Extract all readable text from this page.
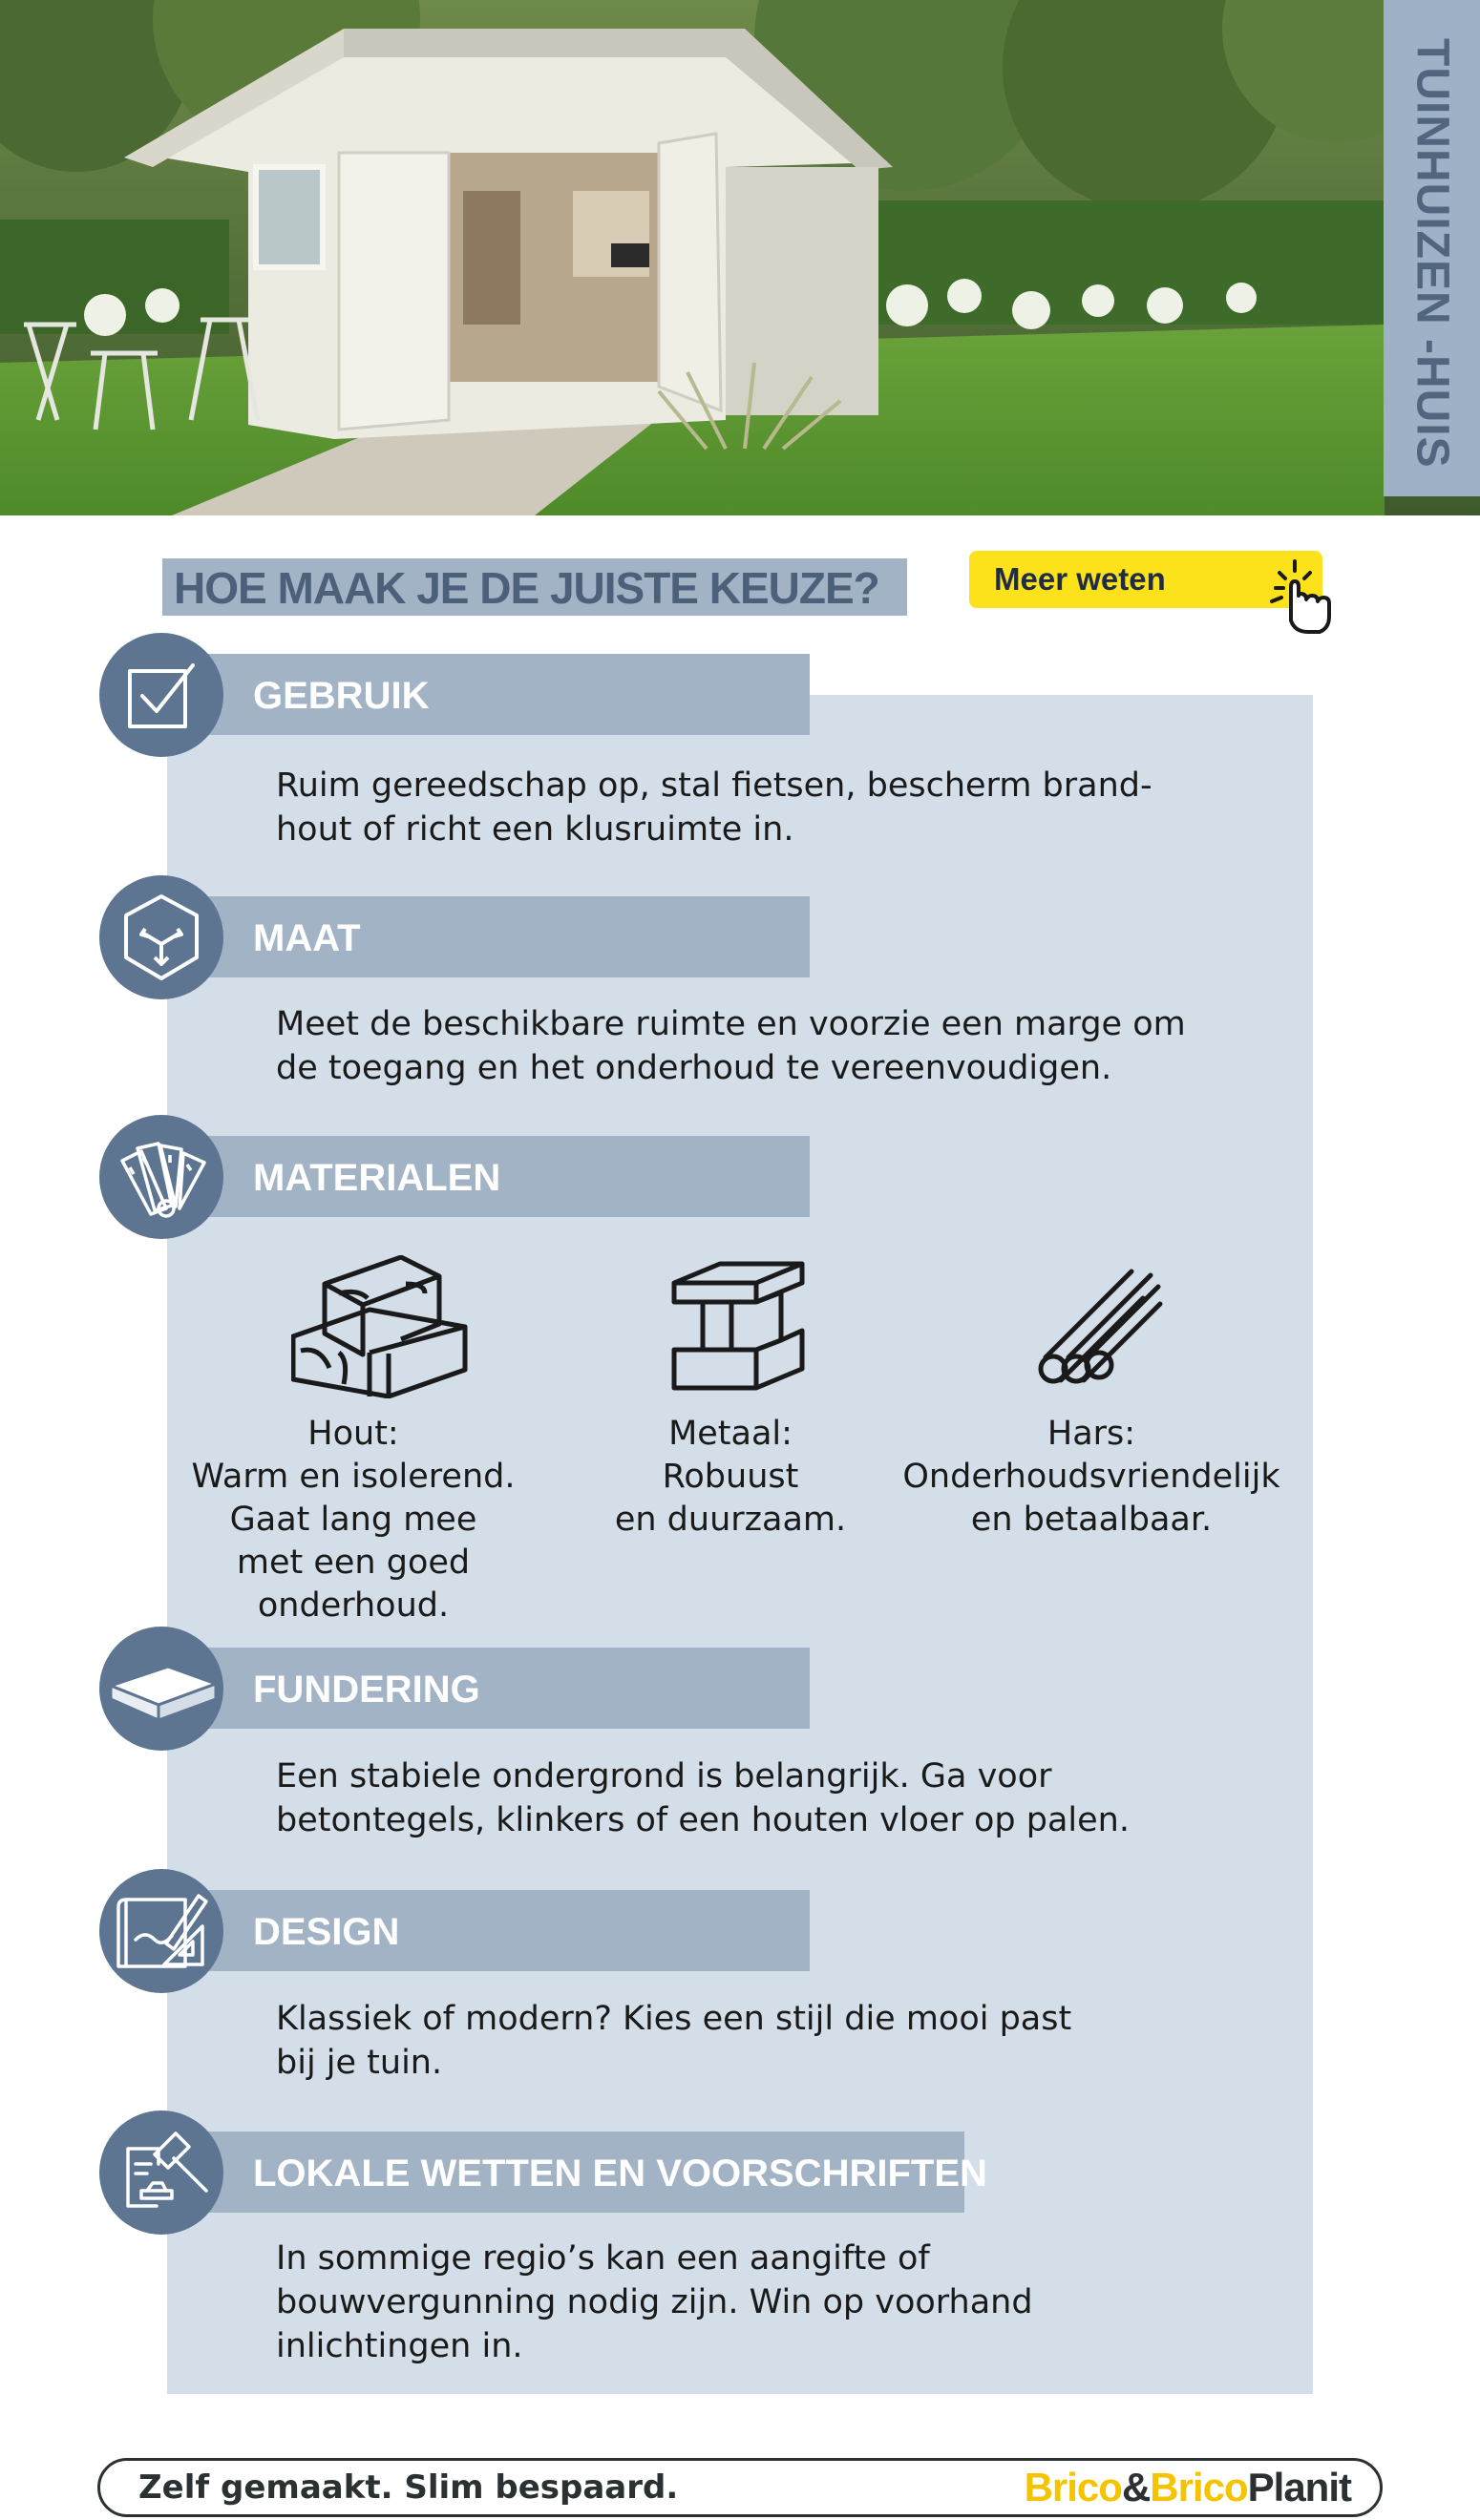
TUINHUIZEN -HUIS
HOE MAAK JE DE JUISTE KEUZE?	Meer weten
GEBRUIK
Ruim gereedschap op, stal fietsen, bescherm brand-
hout of richt een klusruimte in.
MAAT
Meet de beschikbare ruimte en voorzie een marge om
de toegang en het onderhoud te vereenvoudigen.
MATERIALEN
Hout:
Warm en isolerend.
Gaat lang mee
met een goed
onderhoud.
Metaal:
Robuust
en duurzaam.
Hars:
Onderhoudsvriendelijk
en betaalbaar.
FUNDERING
Een stabiele ondergrond is belangrijk. Ga voor
betontegels, klinkers of een houten vloer op palen.
DESIGN
Klassiek of modern? Kies een stijl die mooi past
bij je tuin.
LOKALE WETTEN EN VOORSCHRIFTEN
In sommige regio’s kan een aangifte of
bouwvergunning nodig zijn. Win op voorhand
inlichtingen in.
Zelf gemaakt. Slim bespaard.	Brico&BricoPlanit
